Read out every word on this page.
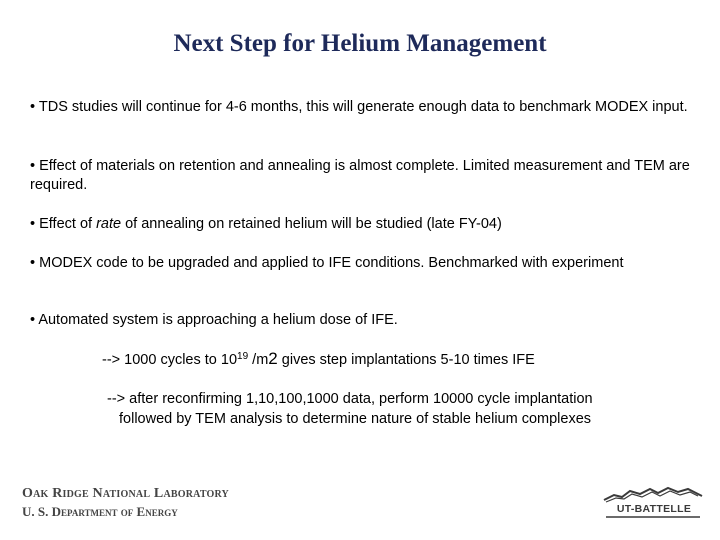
Next Step for Helium Management
• TDS studies will continue for 4-6 months, this will generate enough data to benchmark MODEX input.
• Effect of materials on retention and annealing is almost complete. Limited measurement and TEM are required.
• Effect of rate of annealing on retained helium will be studied (late FY-04)
• MODEX code to be upgraded and applied to IFE conditions. Benchmarked with experiment
• Automated system is approaching a helium dose of IFE.
--> 1000 cycles to $10^{19}$ /m2 gives step implantations 5-10 times IFE
--> after reconfirming 1,10,100,1000 data, perform 10000 cycle implantation
followed by TEM analysis to determine nature of stable helium complexes
Oak Ridge National Laboratory
U. S. Department of Energy	UT-BATTELLE
